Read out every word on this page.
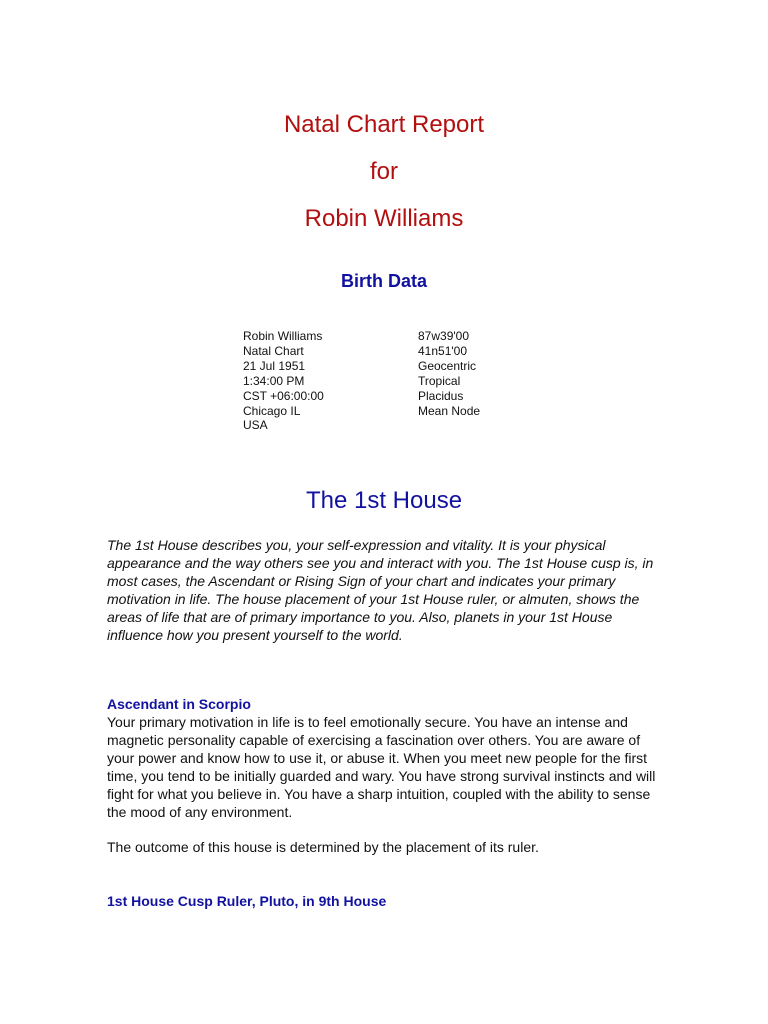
Natal Chart Report
for
Robin Williams
Birth Data
Robin Williams
Natal Chart
21 Jul 1951
1:34:00 PM
CST +06:00:00
Chicago IL
USA
87w39'00
41n51'00
Geocentric
Tropical
Placidus
Mean Node
The 1st House

The 1st House describes you, your self-expression and vitality. It is your physical appearance and the way others see you and interact with you. The 1st House cusp is, in most cases, the Ascendant or Rising Sign of your chart and indicates your primary motivation in life. The house placement of your 1st House ruler, or almuten, shows the areas of life that are of primary importance to you. Also, planets in your 1st House influence how you present yourself to the world.

Ascendant in Scorpio

Your primary motivation in life is to feel emotionally secure. You have an intense and magnetic personality capable of exercising a fascination over others. You are aware of your power and know how to use it, or abuse it. When you meet new people for the first time, you tend to be initially guarded and wary. You have strong survival instincts and will fight for what you believe in. You have a sharp intuition, coupled with the ability to sense the mood of any environment.

The outcome of this house is determined by the placement of its ruler.

1st House Cusp Ruler, Pluto, in 9th House
